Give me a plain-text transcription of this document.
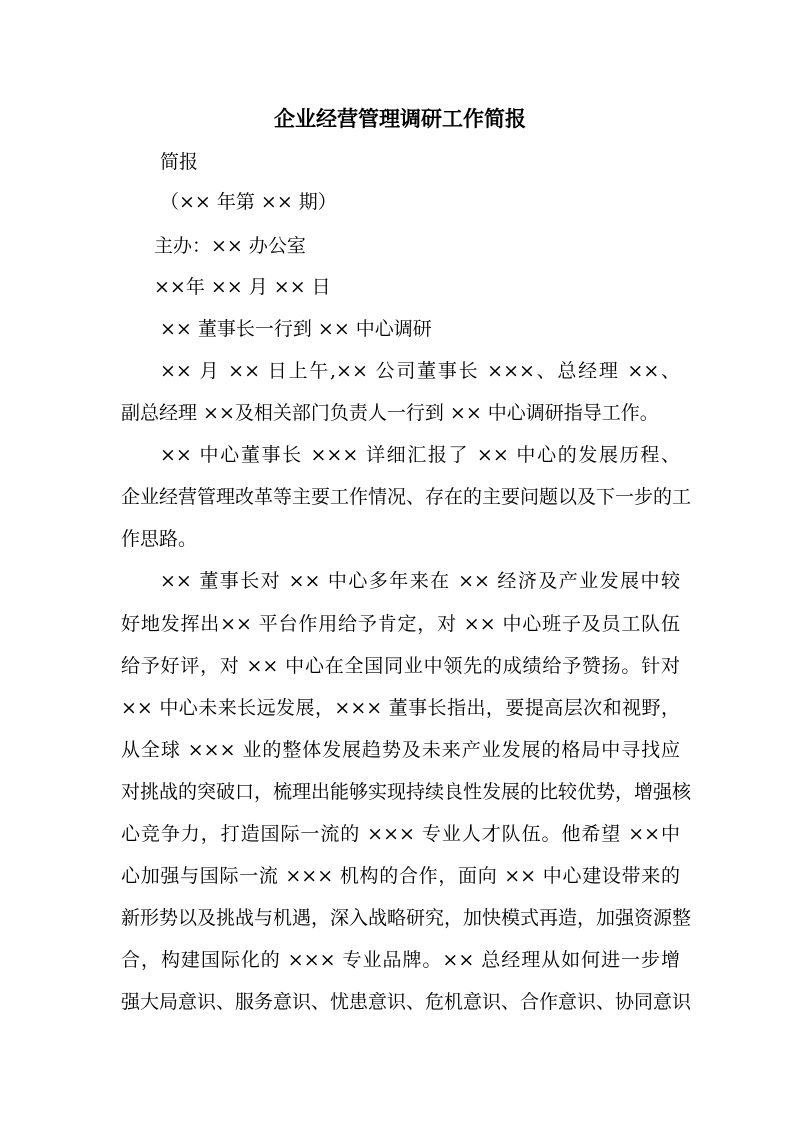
企业经营管理调研工作简报

简报

（×× 年第 ×× 期）

主办：×× 办公室

××年 ×× 月 ×× 日

×× 董事长一行到 ×× 中心调研

×× 月 ×× 日上午,×× 公司董事长 ×××、总经理 ××、

副总经理 ××及相关部门负责人一行到 ×× 中心调研指导工作。

×× 中心董事长 ××× 详细汇报了 ×× 中心的发展历程、

企业经营管理改革等主要工作情况、存在的主要问题以及下一步的工

作思路。

×× 董事长对 ×× 中心多年来在 ×× 经济及产业发展中较

好地发挥出×× 平台作用给予肯定，对 ×× 中心班子及员工队伍

给予好评，对 ×× 中心在全国同业中领先的成绩给予赞扬。针对

×× 中心未来长远发展，××× 董事长指出，要提高层次和视野，

从全球 ××× 业的整体发展趋势及未来产业发展的格局中寻找应

对挑战的突破口，梳理出能够实现持续良性发展的比较优势，增强核

心竞争力，打造国际一流的 ××× 专业人才队伍。他希望 ××中

心加强与国际一流 ××× 机构的合作，面向 ×× 中心建设带来的

新形势以及挑战与机遇，深入战略研究，加快模式再造，加强资源整

合，构建国际化的 ××× 专业品牌。×× 总经理从如何进一步增

强大局意识、服务意识、忧患意识、危机意识、合作意识、协同意识
